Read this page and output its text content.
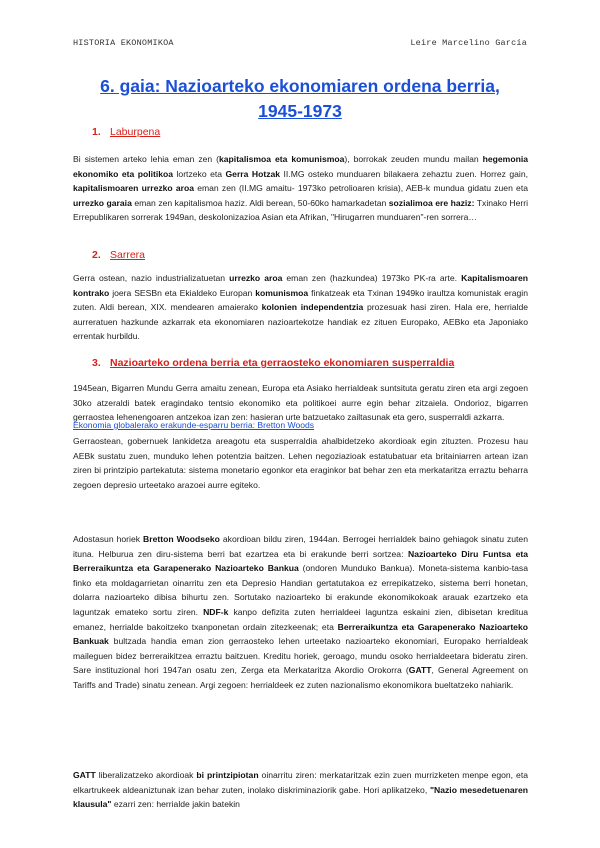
HISTORIA EKONOMIKOA	Leire Marcelino García
6. gaia: Nazioarteko ekonomiaren ordena berria,
1945-1973
1. Laburpena

Bi sistemen arteko lehia eman zen (kapitalismoa eta komunismoa), borrokak zeuden mundu mailan hegemonia ekonomiko eta politikoa lortzeko eta Gerra Hotzak II.MG osteko munduaren bilakaera zehaztu zuen. Horrez gain, kapitalismoaren urrezko aroa eman zen (II.MG amaitu- 1973ko petrolioaren krisia), AEB-k mundua gidatu zuen eta urrezko garaia eman zen kapitalismoa haziz. Aldi berean, 50-60ko hamarkadetan sozialimoa ere haziz: Txinako Herri Errepublikaren sorrerak 1949an, deskolonizazioa Asian eta Afrikan, "Hirugarren munduaren"-ren sorrera…

2. Sarrera

Gerra ostean, nazio industrializatuetan urrezko aroa eman zen (hazkundea) 1973ko PK-ra arte. Kapitalismoaren kontrako joera SESBn eta Ekialdeko Europan komunismoa finkatzeak eta Txinan 1949ko iraultza komunistak eragin zuten. Aldi berean, XIX. mendearen amaierako kolonien independentzia prozesuak hasi ziren. Hala ere, herrialde aurreratuen hazkunde azkarrak eta ekonomiaren nazioartekotze handiak ez zituen Europako, AEBko eta Japoniako errentak hurbildu.

3. Nazioarteko ordena berria eta gerraosteko ekonomiaren susperraldia

1945ean, Bigarren Mundu Gerra amaitu zenean, Europa eta Asiako herrialdeak suntsituta geratu ziren eta argi zegoen 30ko atzeraldi batek eragindako tentsio ekonomiko eta politikoei aurre egin behar zitzaiela. Ondorioz, bigarren gerraostea lehenengoaren antzekoa izan zen: hasieran urte batzuetako zailtasunak eta gero, susperraldi azkarra.

Ekonomia globalerako erakunde-esparru berria: Bretton Woods

Gerraostean, gobernuek lankidetza areagotu eta susperraldia ahalbidetzeko akordioak egin zituzten. Prozesu hau AEBk sustatu zuen, munduko lehen potentzia baitzen. Lehen negoziazioak estatubatuar eta britainiarren artean izan ziren bi printzipio partekatuta: sistema monetario egonkor eta eraginkor bat behar zen eta merkataritza erraztu beharra zegoen depresio urteetako arazoei aurre egiteko.

Adostasun horiek Bretton Woodseko akordioan bildu ziren, 1944an. Berrogei herrialdek baino gehiagok sinatu zuten ituna. Helburua zen diru-sistema berri bat ezartzea eta bi erakunde berri sortzea: Nazioarteko Diru Funtsa eta Berreraikuntza eta Garapenerako Nazioarteko Bankua (ondoren Munduko Bankua). Moneta-sistema kanbio-tasa finko eta moldagarrietan oinarritu zen eta Depresio Handian gertatutakoa ez errepikatzeko, sistema berri honetan, dolarra nazioarteko dibisa bihurtu zen. Sortutako nazioarteko bi erakunde ekonomikokoak arauak ezartzeko eta laguntzak emateko sortu ziren. NDF-k kanpo defizita zuten herrialdeei laguntza eskaini zien, dibisetan kreditua emanez, herrialde bakoitzeko txanponetan ordain zitezkeenak; eta Berreraikuntza eta Garapenerako Nazioarteko Bankuak bultzada handia eman zion gerraosteko lehen urteetako nazioarteko ekonomiari, Europako herrialdeak maileguen bidez berreraikitzea erraztu baitzuen. Kreditu horiek, geroago, mundu osoko herrialdeetara bideratu ziren. Sare instituzional hori 1947an osatu zen, Zerga eta Merkataritza Akordio Orokorra (GATT, General Agreement on Tariffs and Trade) sinatu zenean. Argi zegoen: herrialdeek ez zuten nazionalismo ekonomikora bueltatzeko nahiarik.

GATT liberalizatzeko akordioak bi printzipiotan oinarritu ziren: merkataritzak ezin zuen murrizketen menpe egon, eta elkartrukeek aldeaniztunak izan behar zuten, inolako diskriminaziorik gabe. Hori aplikatzeko, "Nazio mesedetuenaren klausula" ezarri zen: herrialde jakin batekin
